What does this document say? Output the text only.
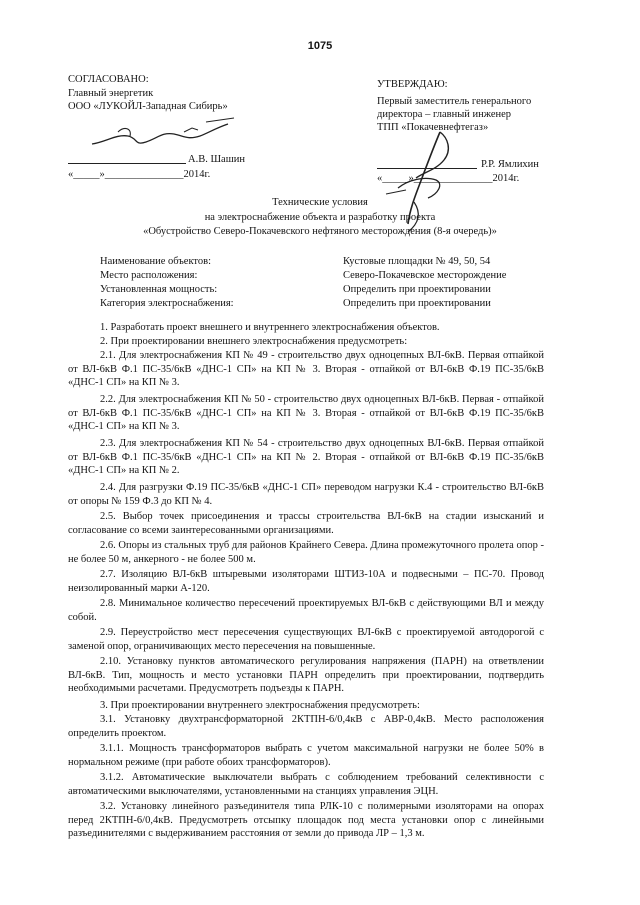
1075
СОГЛАСОВАНО:
Главный энергетик
ООО «ЛУКОЙЛ-Западная Сибирь»
А.В. Шашин
«_____»_______________2014г.
УТВЕРЖДАЮ:
Первый заместитель генерального
директора – главный инженер
ТПП «Покачевнефтегаз»
Р.Р. Ямлихин
«_____»_______________2014г.
Технические условия
на электроснабжение объекта и разработку проекта
«Обустройство Северо-Покачевского нефтяного месторождения (8-я очередь)»
Наименование объектов:	Кустовые площадки № 49, 50, 54
Место расположения:	Северо-Покачевское месторождение
Установленная мощность:	Определить при проектировании
Категория электроснабжения:	Определить при проектировании
1. Разработать проект внешнего и внутреннего электроснабжения объектов.
2. При проектировании внешнего электроснабжения предусмотреть:
2.1. Для электроснабжения КП № 49 - строительство двух одноцепных ВЛ-6кВ. Первая отпайкой от ВЛ-6кВ Ф.1 ПС-35/6кВ «ДНС-1 СП» на КП № 3. Вторая - отпайкой от ВЛ-6кВ Ф.19 ПС-35/6кВ «ДНС-1 СП» на КП № 3.
2.2. Для электроснабжения КП № 50 - строительство двух одноцепных ВЛ-6кВ. Первая - отпайкой от ВЛ-6кВ Ф.1 ПС-35/6кВ «ДНС-1 СП» на КП № 3. Вторая - отпайкой от ВЛ-6кВ Ф.19 ПС-35/6кВ «ДНС-1 СП» на КП № 3.
2.3. Для электроснабжения КП № 54 - строительство двух одноцепных ВЛ-6кВ. Первая отпайкой от ВЛ-6кВ Ф.1 ПС-35/6кВ «ДНС-1 СП» на КП № 2. Вторая - отпайкой от ВЛ-6кВ Ф.19 ПС-35/6кВ «ДНС-1 СП» на КП № 2.
2.4. Для разгрузки Ф.19 ПС-35/6кВ «ДНС-1 СП» переводом нагрузки К.4 - строительство ВЛ-6кВ от опоры № 159 Ф.3 до КП № 4.
2.5. Выбор точек присоединения и трассы строительства ВЛ-6кВ на стадии изысканий и согласование со всеми заинтересованными организациями.
2.6. Опоры из стальных труб для районов Крайнего Севера. Длина промежуточного пролета опор - не более 50 м, анкерного - не более 500 м.
2.7. Изоляцию ВЛ-6кВ штыревыми изоляторами ШТИЗ-10А и подвесными – ПС-70. Провод неизолированный марки А-120.
2.8. Минимальное количество пересечений проектируемых ВЛ-6кВ с действующими ВЛ и между собой.
2.9. Переустройство мест пересечения существующих ВЛ-6кВ с проектируемой автодорогой с заменой опор, ограничивающих место пересечения на повышенные.
2.10. Установку пунктов автоматического регулирования напряжения (ПАРН) на ответвлении ВЛ-6кВ. Тип, мощность и место установки ПАРН определить при проектировании, подтвердить необходимыми расчетами. Предусмотреть подъезды к ПАРН.
3. При проектировании внутреннего электроснабжения предусмотреть:
3.1. Установку двухтрансформаторной 2КТПН-6/0,4кВ с АВР-0,4кВ. Место расположения определить проектом.
3.1.1. Мощность трансформаторов выбрать с учетом максимальной нагрузки не более 50% в нормальном режиме (при работе обоих трансформаторов).
3.1.2. Автоматические выключатели выбрать с соблюдением требований селективности с автоматическими выключателями, установленными на станциях управления ЭЦН.
3.2. Установку линейного разъединителя типа РЛК-10 с полимерными изоляторами на опорах перед 2КТПН-6/0,4кВ. Предусмотреть отсыпку площадок под места установки опор с линейными разъединителями с выдерживанием расстояния от земли до привода ЛР – 1,3 м.
